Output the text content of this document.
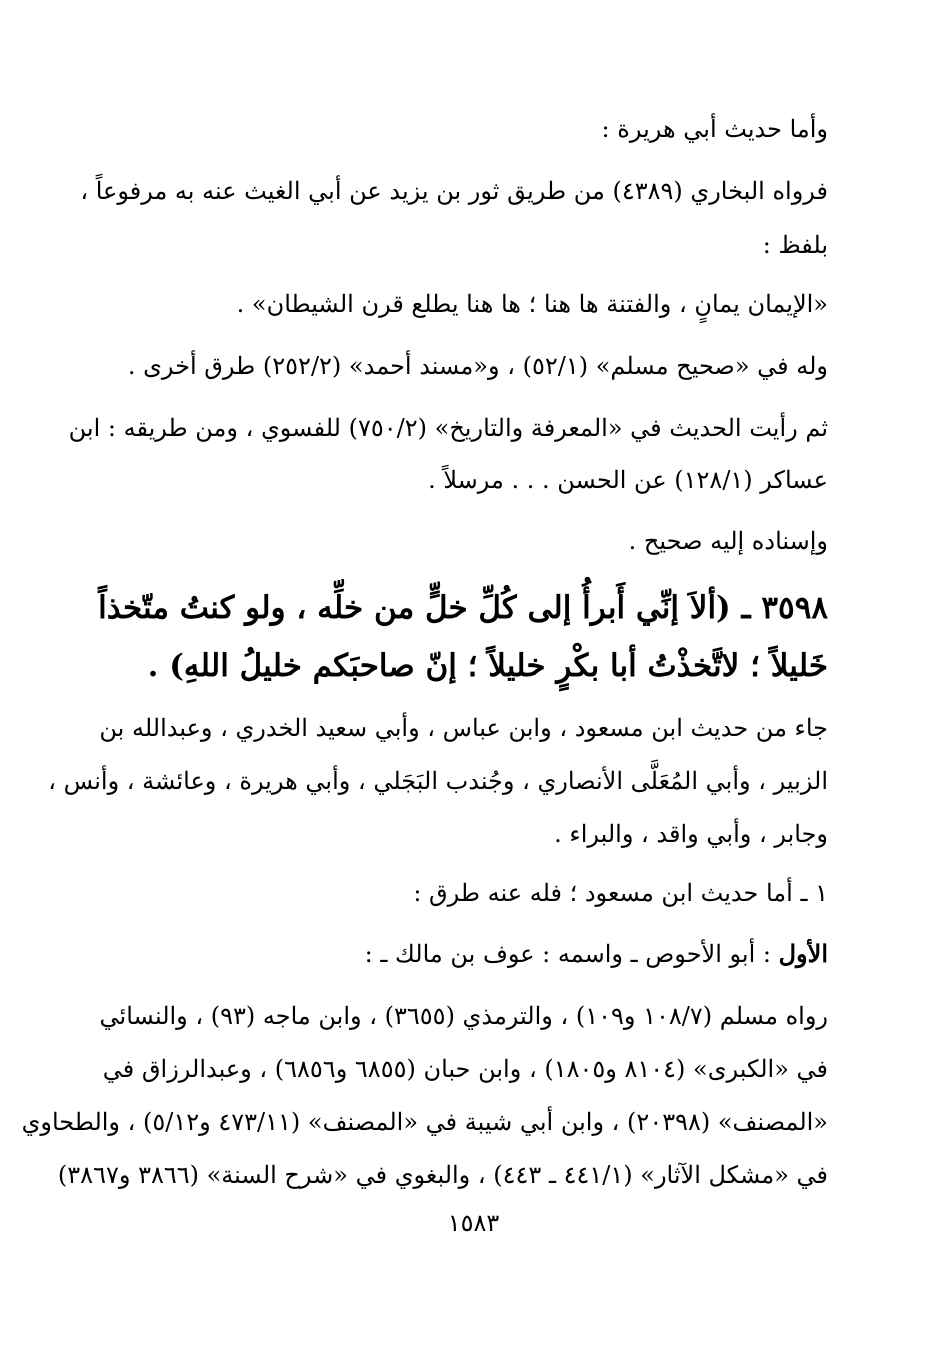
وأما حديث أبي هريرة :
فرواه البخاري (٤٣٨٩) من طريق ثور بن يزيد عن أبي الغيث عنه به مرفوعاً ،
بلفظ :
«الإيمان يمانٍ ، والفتنة ها هنا ؛ ها هنا يطلع قرن الشيطان» .
وله في «صحيح مسلم» (٥٢/١) ، و«مسند أحمد» (٢٥٢/٢) طرق أخرى .
ثم رأيت الحديث في «المعرفة والتاريخ» (٧٥٠/٢) للفسوي ، ومن طريقه : ابن
عساكر (١٢٨/١) عن الحسن . . . مرسلاً .
وإسناده إليه صحيح .
٣٥٩٨ ـ (ألاَ إنِّي أَبرأُ إلى كُلِّ خلٍّ من خلِّه ، ولو كنتُ متّخذاً
خَليلاً ؛ لاتَّخذْتُ أبا بكْرٍ خليلاً ؛ إنّ صاحبَكم خليلُ اللهِ) .
جاء من حديث ابن مسعود ، وابن عباس ، وأبي سعيد الخدري ، وعبدالله بن
الزبير ، وأبي المُعَلَّى الأنصاري ، وجُندب البَجَلي ، وأبي هريرة ، وعائشة ، وأنس ،
وجابر ، وأبي واقد ، والبراء .
١ ـ أما حديث ابن مسعود ؛ فله عنه طرق :
الأول : أبو الأحوص ـ واسمه : عوف بن مالك ـ :
رواه مسلم (١٠٨/٧ و١٠٩) ، والترمذي (٣٦٥٥) ، وابن ماجه (٩٣) ، والنسائي
في «الكبرى» (٨١٠٤ و١٨٠٥) ، وابن حبان (٦٨٥٥ و٦٨٥٦) ، وعبدالرزاق في
«المصنف» (٢٠٣٩٨) ، وابن أبي شيبة في «المصنف» (٤٧٣/١١ و٥/١٢) ، والطحاوي
في «مشكل الآثار» (٤٤١/١ ـ ٤٤٣) ، والبغوي في «شرح السنة» (٣٨٦٦ و٣٨٦٧)
١٥٨٣
